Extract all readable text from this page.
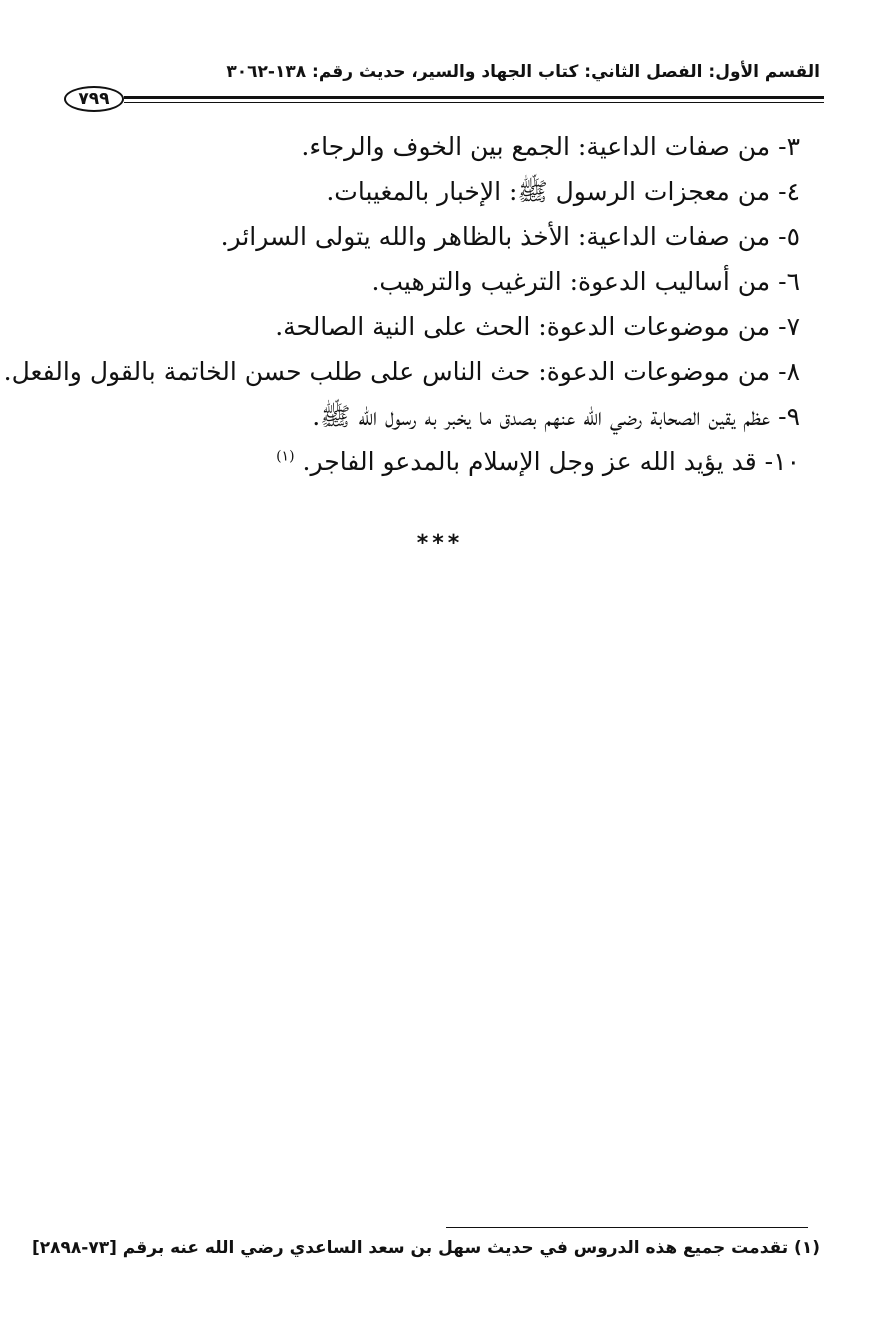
القسم الأول: الفصل الثاني: كتاب الجهاد والسير، حديث رقم: ١٣٨-٣٠٦٢
٧٩٩
٣- من صفات الداعية: الجمع بين الخوف والرجاء.
٤- من معجزات الرسول ﷺ: الإخبار بالمغيبات.
٥- من صفات الداعية: الأخذ بالظاهر والله يتولى السرائر.
٦- من أساليب الدعوة: الترغيب والترهيب.
٧- من موضوعات الدعوة: الحث على النية الصالحة.
٨- من موضوعات الدعوة: حث الناس على طلب حسن الخاتمة بالقول والفعل.
٩- عظم يقين الصحابة رضي الله عنهم بصدق ما يخبر به رسول الله ﷺ.
١٠- قد يؤيد الله عز وجل الإسلام بالمدعو الفاجر. $^{(١)}$
***
(١) تقدمت جميع هذه الدروس في حديث سهل بن سعد الساعدي رضي الله عنه برقم [٧٣-٢٨٩٨]
